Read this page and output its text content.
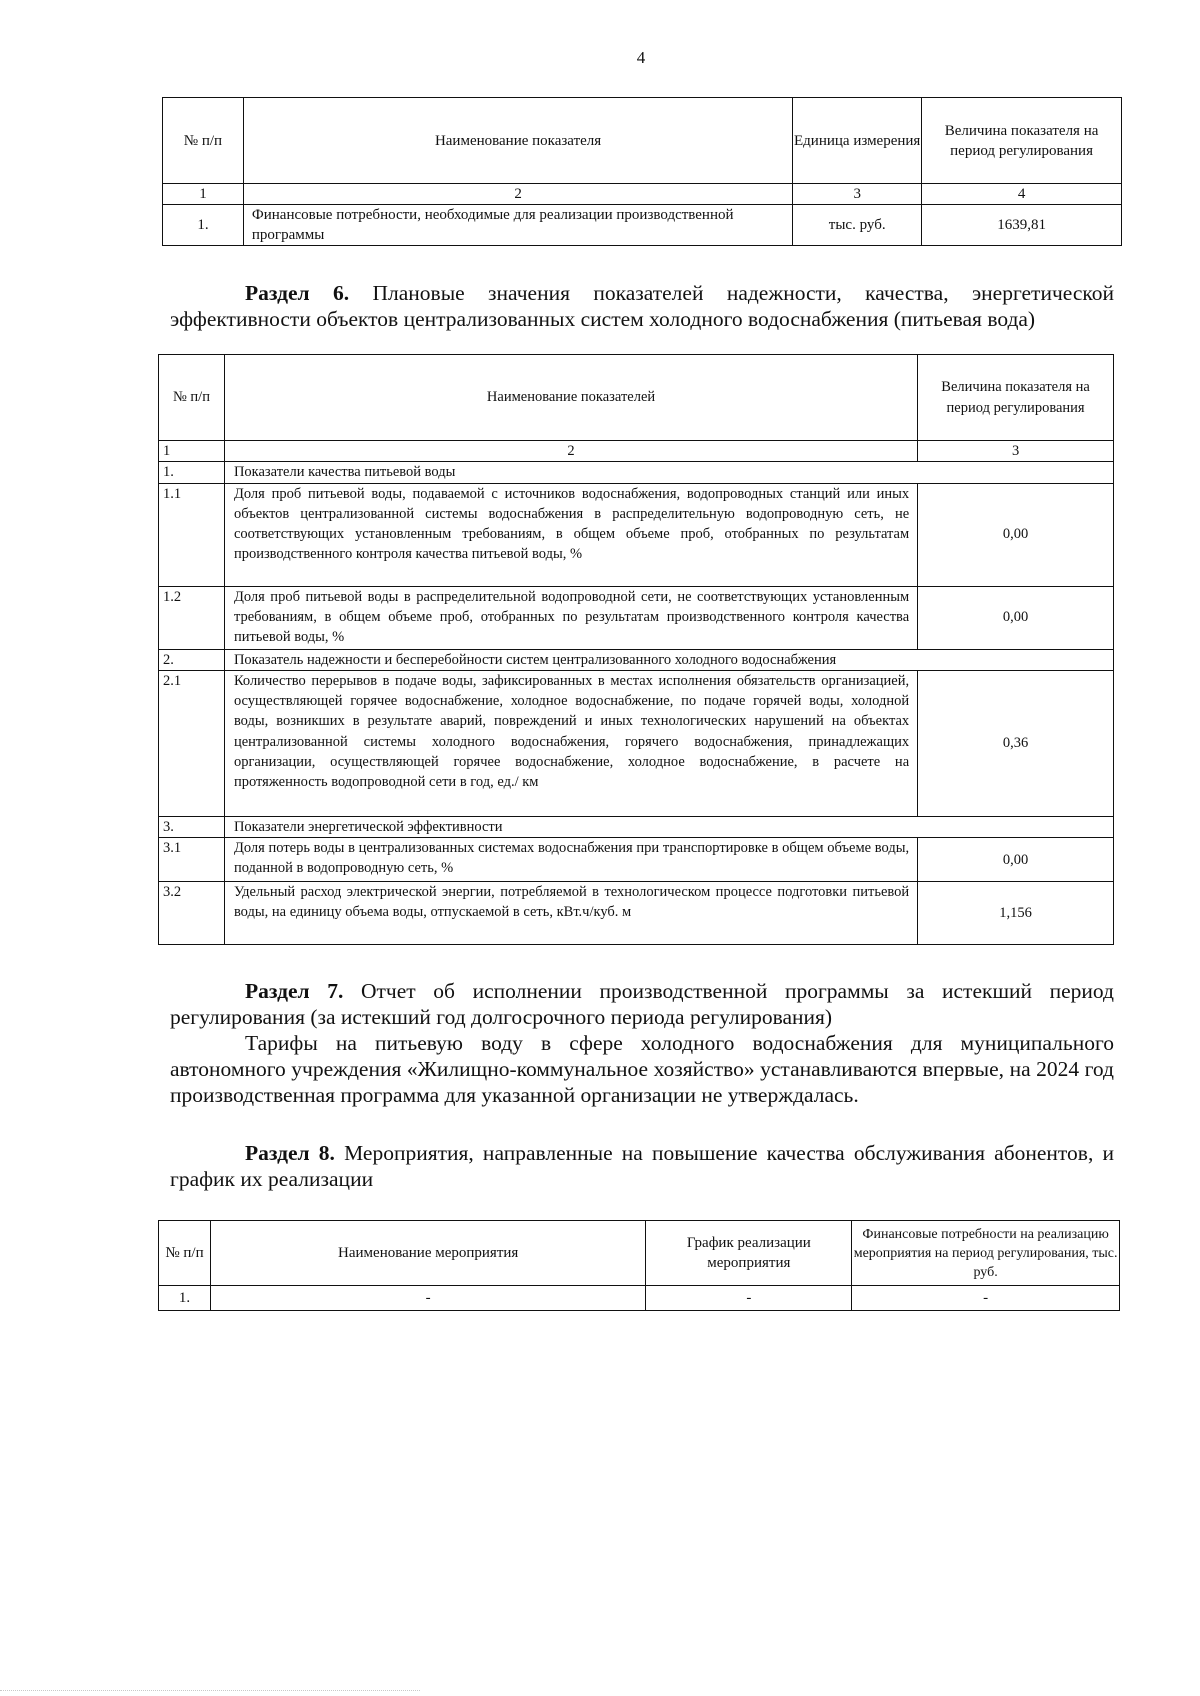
4
№ п/п	Наименование показателя	Единица измерения	Величина показателя на период регулирования
1	2	3	4
1.	Финансовые потребности, необходимые для реализации производственной программы	тыс. руб.	1639,81

Раздел 6. Плановые значения показателей надежности, качества, энергетической эффективности объектов централизованных систем холодного водоснабжения (питьевая вода)

№ п/п	Наименование показателей	Величина показателя на период регулирования
1	2	3
1.	Показатели качества питьевой воды	
1.1	Доля проб питьевой воды, подаваемой с источников водоснабжения, водопроводных станций или иных объектов централизованной системы водоснабжения в распределительную водопроводную сеть, не соответствующих установленным требованиям, в общем объеме проб, отобранных по результатам производственного контроля качества питьевой воды, %	0,00
1.2	Доля проб питьевой воды в распределительной водопроводной сети, не соответствующих установленным требованиям, в общем объеме проб, отобранных по результатам производственного контроля качества питьевой воды, %	0,00
2.	Показатель надежности и бесперебойности систем централизованного холодного водоснабжения	
2.1	Количество перерывов в подаче воды, зафиксированных в местах исполнения обязательств организацией, осуществляющей горячее водоснабжение, холодное водоснабжение, по подаче горячей воды, холодной воды, возникших в результате аварий, повреждений и иных технологических нарушений на объектах централизованной системы холодного водоснабжения, горячего водоснабжения, принадлежащих организации, осуществляющей горячее водоснабжение, холодное водоснабжение, в расчете на протяженность водопроводной сети в год, ед./ км	0,36
3.	Показатели энергетической эффективности	
3.1	Доля потерь воды в централизованных системах водоснабжения при транспортировке в общем объеме воды, поданной в водопроводную сеть, %	0,00
3.2	Удельный расход электрической энергии, потребляемой в технологическом процессе подготовки питьевой воды, на единицу объема воды, отпускаемой в сеть, кВт.ч/куб. м	1,156

Раздел 7. Отчет об исполнении производственной программы за истекший период регулирования (за истекший год долгосрочного периода регулирования)

Тарифы на питьевую воду в сфере холодного водоснабжения для муниципального автономного учреждения «Жилищно-коммунальное хозяйство» устанавливаются впервые, на 2024 год производственная программа для указанной организации не утверждалась.

Раздел 8. Мероприятия, направленные на повышение качества обслуживания абонентов, и график их реализации

№ п/п	Наименование мероприятия	График реализации мероприятия	Финансовые потребности на реализацию мероприятия на период регулирования, тыс. руб.
1.	-	-	-
